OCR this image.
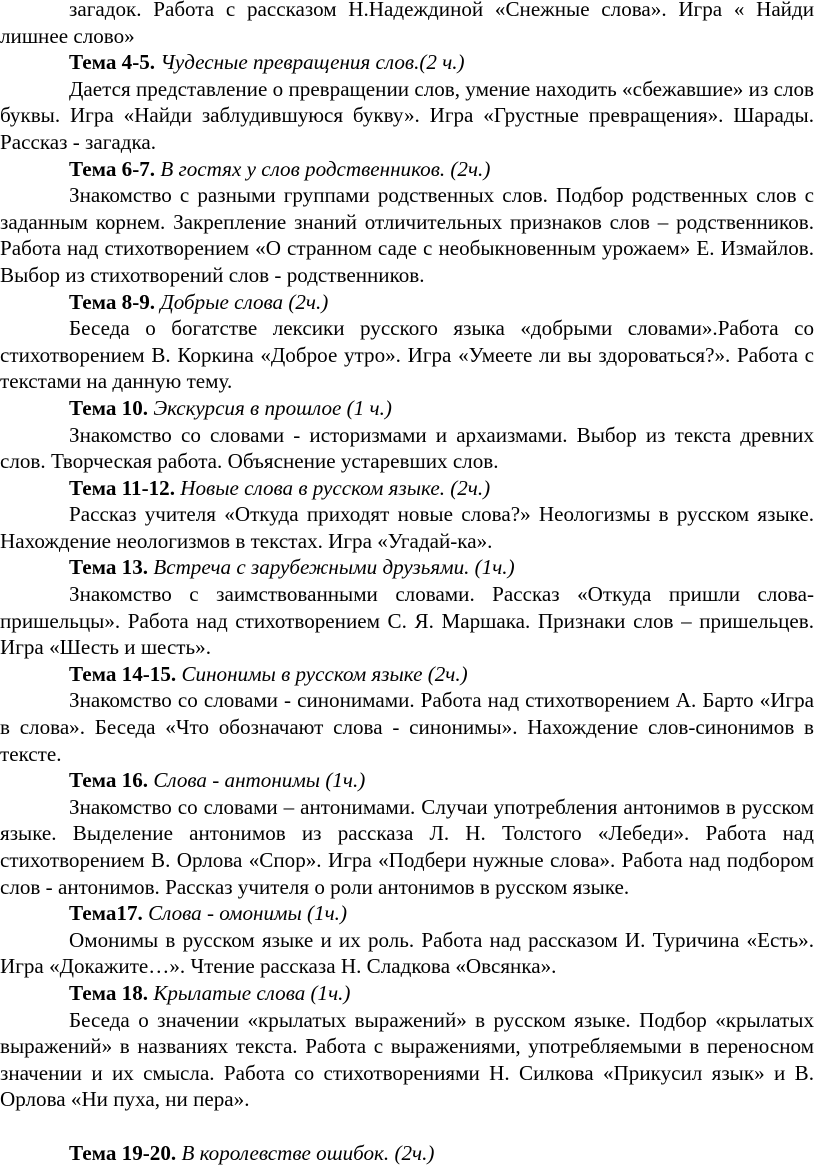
загадок. Работа с рассказом Н.Надеждиной «Снежные слова». Игра « Найди лишнее слово»

Тема 4-5. Чудесные превращения слов.(2 ч.)

Дается представление о превращении слов, умение находить «сбежавшие» из слов буквы. Игра «Найди заблудившуюся букву». Игра «Грустные превращения». Шарады. Рассказ - загадка.

Тема 6-7. В гостях у слов родственников. (2ч.)

Знакомство с разными группами родственных слов. Подбор родственных слов с заданным корнем. Закрепление знаний отличительных признаков слов – родственников. Работа над стихотворением «О странном саде с необыкновенным урожаем» Е. Измайлов. Выбор из стихотворений слов - родственников.

Тема 8-9. Добрые слова (2ч.)

Беседа о богатстве лексики русского языка «добрыми словами».Работа со стихотворением В. Коркина «Доброе утро». Игра «Умеете ли вы здороваться?». Работа с текстами на данную тему.

Тема 10. Экскурсия в прошлое (1 ч.)

Знакомство со словами - историзмами и архаизмами. Выбор из текста древних слов. Творческая работа. Объяснение устаревших слов.

Тема 11-12. Новые слова в русском языке. (2ч.)

Рассказ учителя «Откуда приходят новые слова?» Неологизмы в русском языке. Нахождение неологизмов в текстах. Игра «Угадай-ка».

Тема 13. Встреча с зарубежными друзьями. (1ч.)

Знакомство с заимствованными словами. Рассказ «Откуда пришли слова-пришельцы». Работа над стихотворением С. Я. Маршака. Признаки слов – пришельцев. Игра «Шесть и шесть».

Тема 14-15. Синонимы в русском языке (2ч.)

Знакомство со словами - синонимами. Работа над стихотворением А. Барто «Игра в слова». Беседа «Что обозначают слова - синонимы». Нахождение слов-синонимов в тексте.

Тема 16. Слова - антонимы (1ч.)

Знакомство со словами – антонимами. Случаи употребления антонимов в русском языке. Выделение антонимов из рассказа Л. Н. Толстого «Лебеди». Работа над стихотворением В. Орлова «Спор». Игра «Подбери нужные слова». Работа над подбором слов - антонимов. Рассказ учителя о роли антонимов в русском языке.

Тема17. Слова - омонимы (1ч.)

Омонимы в русском языке и их роль. Работа над рассказом И. Туричина «Есть». Игра «Докажите…». Чтение рассказа Н. Сладкова «Овсянка».

Тема 18. Крылатые слова (1ч.)

Беседа о значении «крылатых выражений» в русском языке. Подбор «крылатых выражений» в названиях текста. Работа с выражениями, употребляемыми в переносном значении и их смысла. Работа со стихотворениями Н. Силкова «Прикусил язык» и В. Орлова «Ни пуха, ни пера».

Тема 19-20. В королевстве ошибок. (2ч.)
